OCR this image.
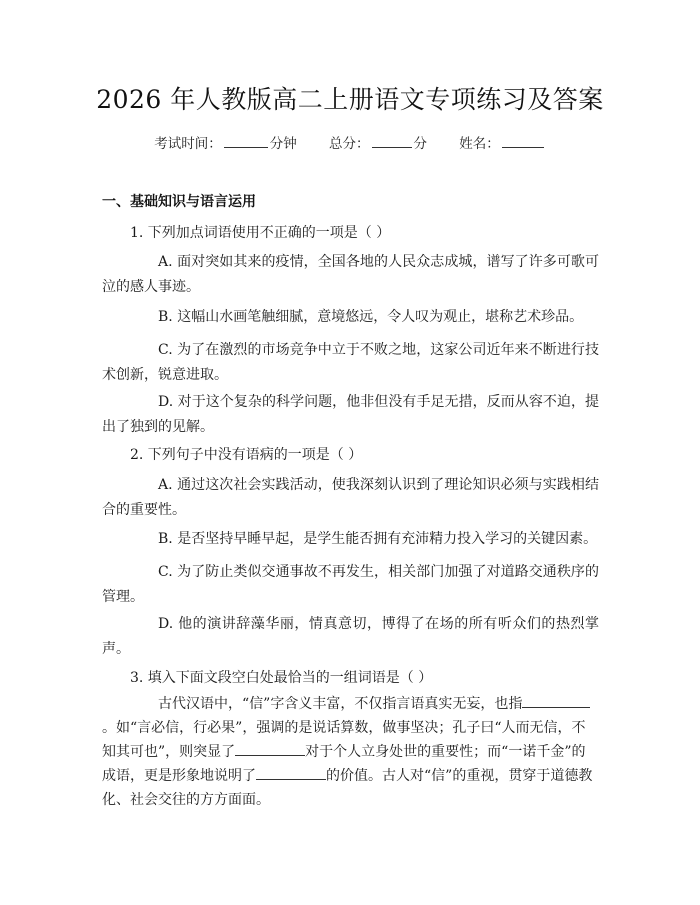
2026 年人教版高二上册语文专项练习及答案
考试时间：	分钟 总分：	分 姓名：
一、基础知识与语言运用
1. 下列加点词语使用不正确的一项是（ ）
A. 面对突如其来的疫情，全国各地的人民众志成城，谱写了许多可歌可泣的感人事迹。
B. 这幅山水画笔触细腻，意境悠远，令人叹为观止，堪称艺术珍品。
C. 为了在激烈的市场竞争中立于不败之地，这家公司近年来不断进行技术创新，锐意进取。
D. 对于这个复杂的科学问题，他非但没有手足无措，反而从容不迫，提出了独到的见解。
2. 下列句子中没有语病的一项是（ ）
A. 通过这次社会实践活动，使我深刻认识到了理论知识必须与实践相结合的重要性。
B. 是否坚持早睡早起，是学生能否拥有充沛精力投入学习的关键因素。
C. 为了防止类似交通事故不再发生，相关部门加强了对道路交通秩序的管理。
D. 他的演讲辞藻华丽，情真意切，博得了在场的所有听众们的热烈掌声。
3. 填入下面文段空白处最恰当的一组词语是（ ）
古代汉语中，“信”字含义丰富，不仅指言语真实无妄，也指。如“言必信，行必果”，强调的是说话算数，做事坚决；孔子曰“人而无信，不知其可也”，则突显了	对于个人立身处世的重要性；而“一诺千金”的成语，更是形象地说明了	的价值。古人对“信”的重视，贯穿于道德教化、社会交往的方方面面。
